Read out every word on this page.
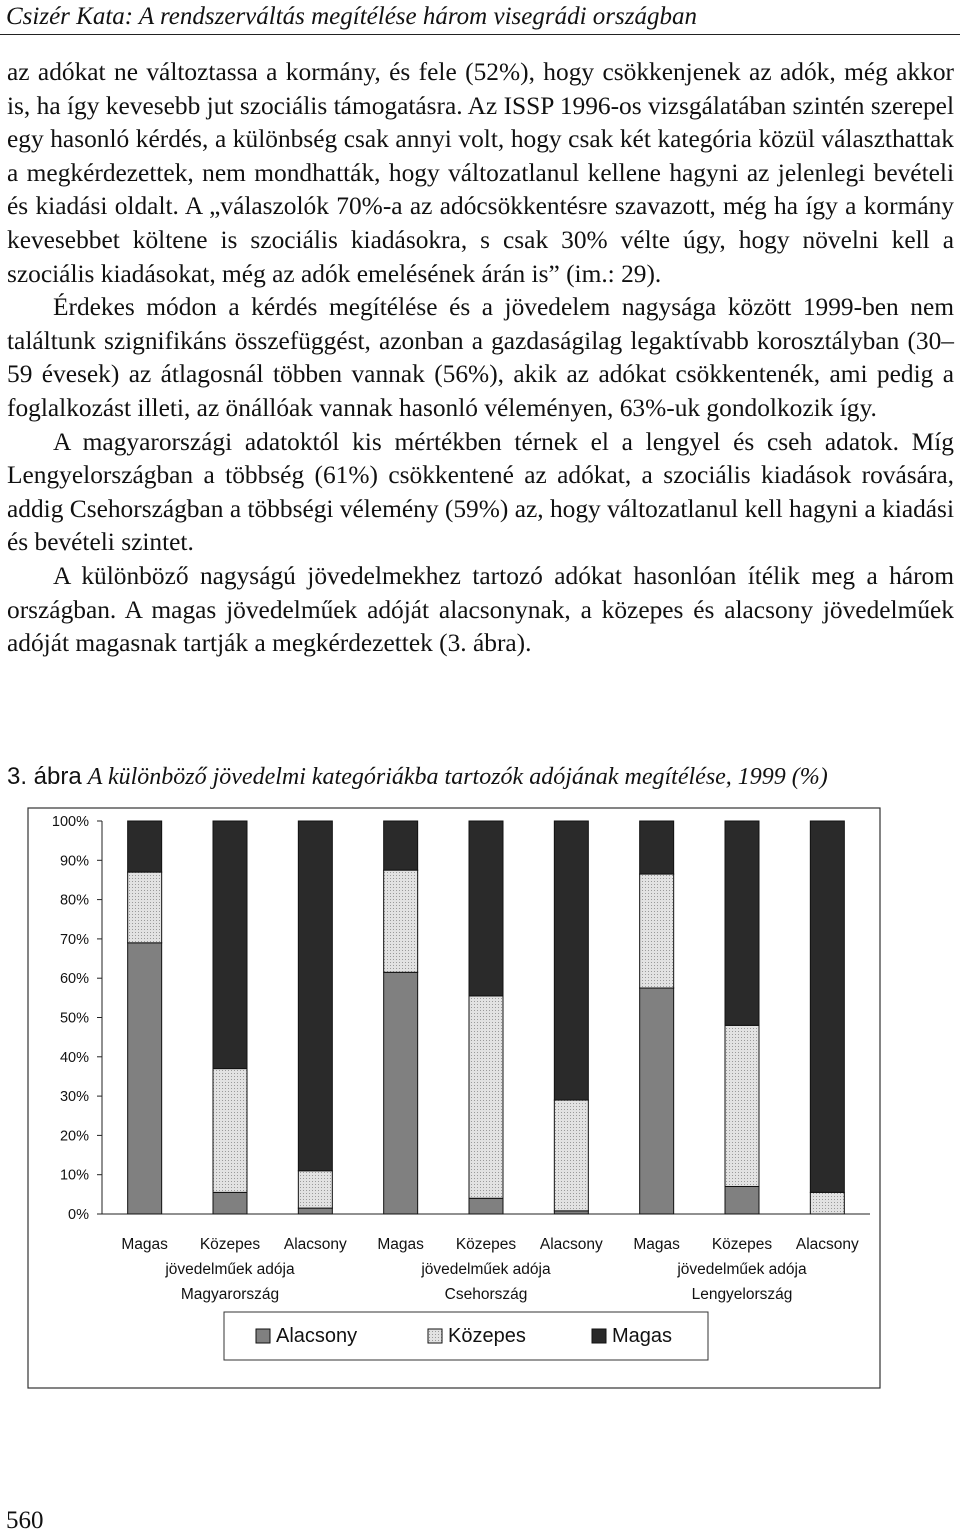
Csizér Kata: A rendszerváltás megítélése három visegrádi országban

az adókat ne változtassa a kormány, és fele (52%), hogy csökkenjenek az adók, még akkor is, ha így kevesebb jut szociális támogatásra. Az ISSP 1996-os vizsgálatában szintén szerepel egy hasonló kérdés, a különbség csak annyi volt, hogy csak két kategória közül választhattak a megkérdezettek, nem mondhatták, hogy változatlanul kellene hagyni az jelenlegi bevételi és kiadási oldalt. A „válaszolók 70%-a az adócsökkentésre szavazott, még ha így a kormány kevesebbet költene is szociális kiadásokra, s csak 30% vélte úgy, hogy növelni kell a szociális kiadásokat, még az adók emelésének árán is” (im.: 29).

Érdekes módon a kérdés megítélése és a jövedelem nagysága között 1999-ben nem találtunk szignifikáns összefüggést, azonban a gazdaságilag legaktívabb korosztályban (30–59 évesek) az átlagosnál többen vannak (56%), akik az adókat csökkentenék, ami pedig a foglalkozást illeti, az önállóak vannak hasonló véleményen, 63%-uk gondolkozik így.

A magyarországi adatoktól kis mértékben térnek el a lengyel és cseh adatok. Míg Lengyelországban a többség (61%) csökkentené az adókat, a szociális kiadások rovására, addig Csehországban a többségi vélemény (59%) az, hogy változatlanul kell hagyni a kiadási és bevételi szintet.

A különböző nagyságú jövedelmekhez tartozó adókat hasonlóan ítélik meg a három országban. A magas jövedelműek adóját alacsonynak, a közepes és alacsony jövedelműek adóját magasnak tartják a megkérdezettek (3. ábra).

3. ábra A különböző jövedelmi kategóriákba tartozók adójának megítélése, 1999 (%)
0%
10%
20%
30%
40%
50%
60%
70%
80%
90%
100%
Magas Közepes Alacsony Magas Közepes Alacsony Magas Közepes Alacsony
jövedelműek adója
Magyarország
jövedelműek adója
Csehország
jövedelműek adója
Lengyelország
Alacsony	Közepes	Magas
560
